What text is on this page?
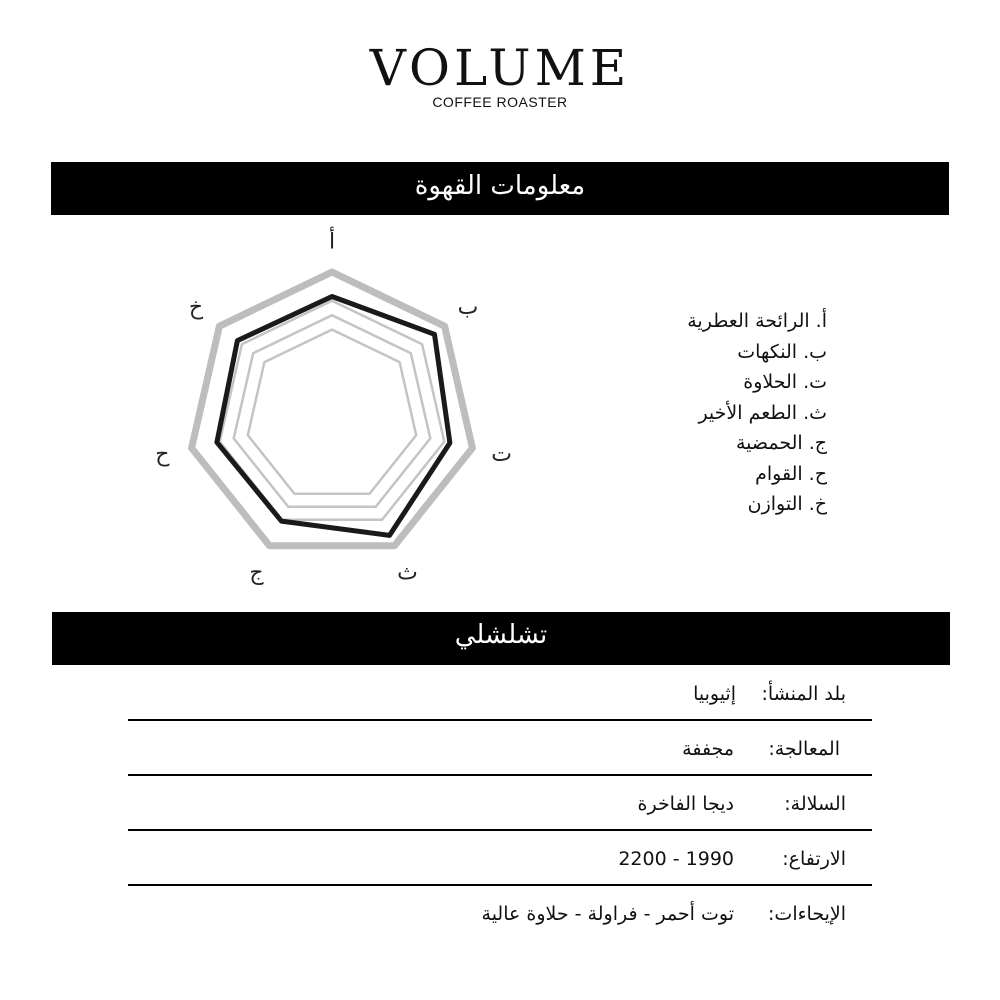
VOLUME
COFFEE ROASTER
معلومات القهوة
أ
ب
ت
ث
ج
ح
خ
أ. الرائحة العطرية
ب. النكهات
ت. الحلاوة
ث. الطعم الأخير
ج. الحمضية
ح. القوام
خ. التوازن
تشلشلي
بلد المنشأ:
إثيوبيا
المعالجة:
مجففة
السلالة:
ديجا الفاخرة
الارتفاع:
1990 - 2200
الإيحاءات:
توت أحمر - فراولة - حلاوة عالية
